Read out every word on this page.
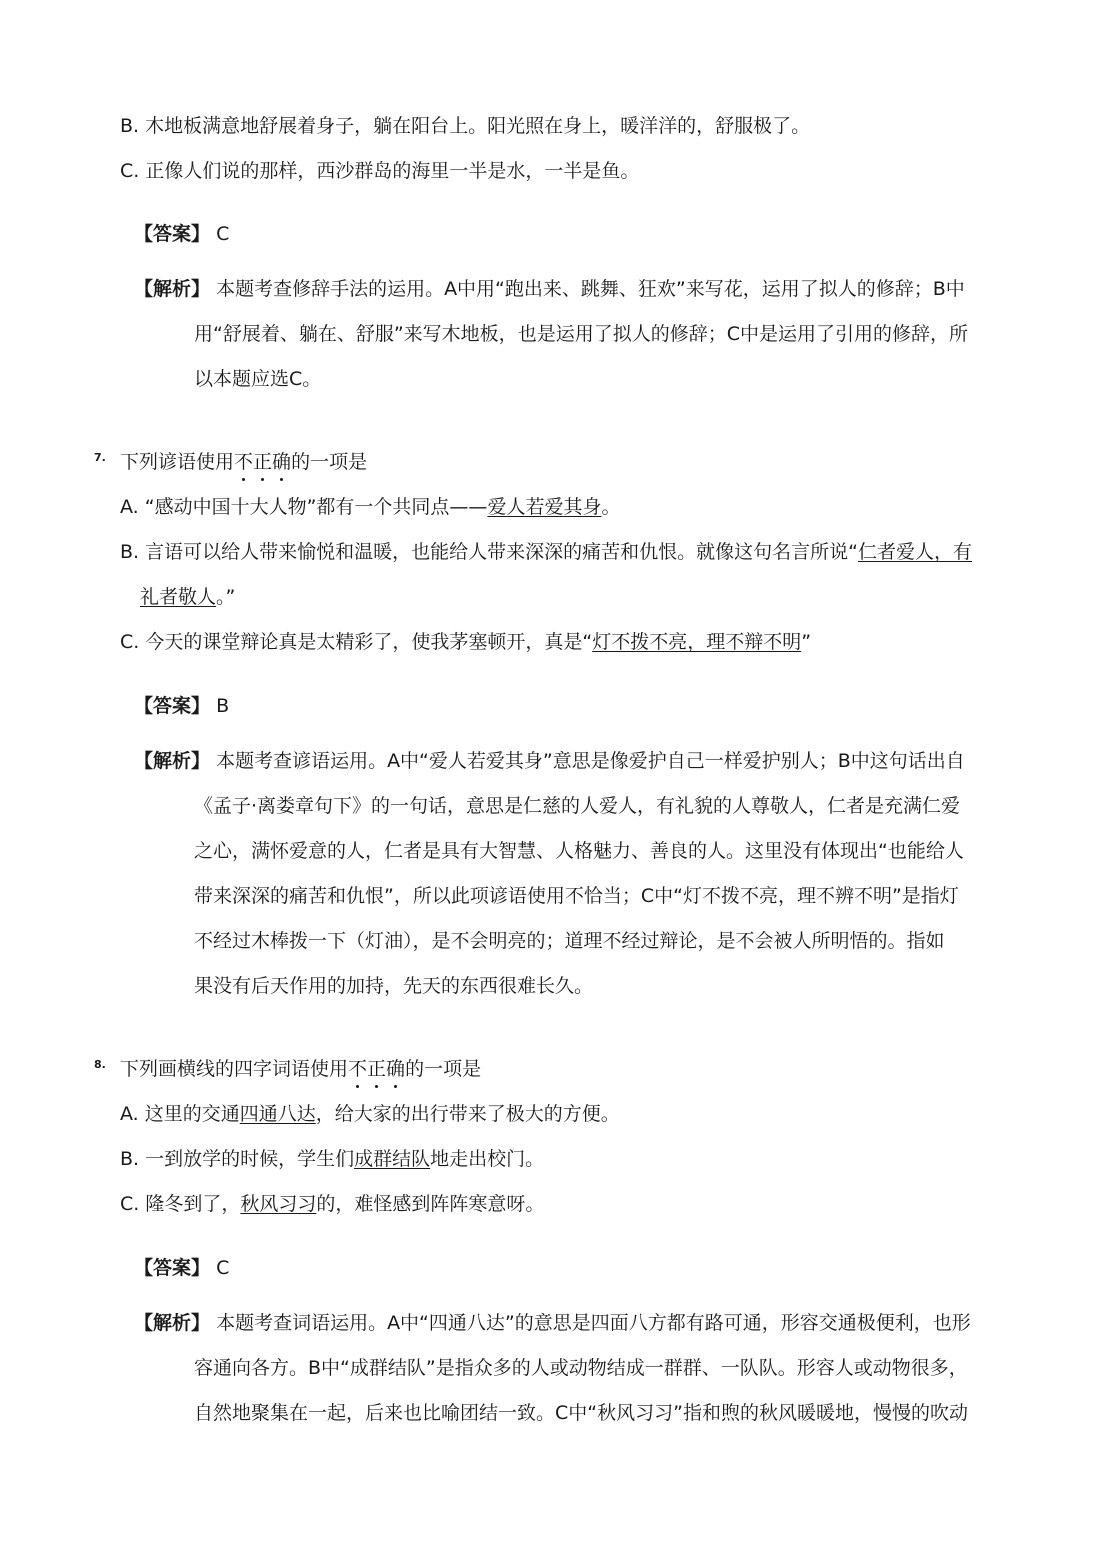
B. 木地板满意地舒展着身子，躺在阳台上。阳光照在身上，暖洋洋的，舒服极了。
C. 正像人们说的那样，西沙群岛的海里一半是水，一半是鱼。
【答案】 C
【解析】 本题考查修辞手法的运用。A中用“跑出来、跳舞、狂欢”来写花，运用了拟人的修辞；B中
用“舒展着、躺在、舒服”来写木地板，也是运用了拟人的修辞；C中是运用了引用的修辞，所
以本题应选C。
7. 下列谚语使用不正确的一项是
A. “感动中国十大人物”都有一个共同点——爱人若爱其身。
B. 言语可以给人带来愉悦和温暖，也能给人带来深深的痛苦和仇恨。就像这句名言所说“仁者爱人，有
礼者敬人。”
C. 今天的课堂辩论真是太精彩了，使我茅塞顿开，真是“灯不拨不亮，理不辩不明”
【答案】 B
【解析】 本题考查谚语运用。A中“爱人若爱其身”意思是像爱护自己一样爱护别人；B中这句话出自
《孟子·离娄章句下》的一句话，意思是仁慈的人爱人，有礼貌的人尊敬人，仁者是充满仁爱
之心，满怀爱意的人，仁者是具有大智慧、人格魅力、善良的人。这里没有体现出“也能给人
带来深深的痛苦和仇恨”，所以此项谚语使用不恰当；C中“灯不拨不亮，理不辨不明”是指灯
不经过木棒拨一下（灯油），是不会明亮的；道理不经过辩论，是不会被人所明悟的。指如
果没有后天作用的加持，先天的东西很难长久。
8. 下列画横线的四字词语使用不正确的一项是
A. 这里的交通四通八达，给大家的出行带来了极大的方便。
B. 一到放学的时候，学生们成群结队地走出校门。
C. 隆冬到了，秋风习习的，难怪感到阵阵寒意呀。
【答案】 C
【解析】 本题考查词语运用。A中“四通八达”的意思是四面八方都有路可通，形容交通极便利，也形
容通向各方。B中“成群结队”是指众多的人或动物结成一群群、一队队。形容人或动物很多，
自然地聚集在一起，后来也比喻团结一致。C中“秋风习习”指和煦的秋风暖暖地，慢慢的吹动
